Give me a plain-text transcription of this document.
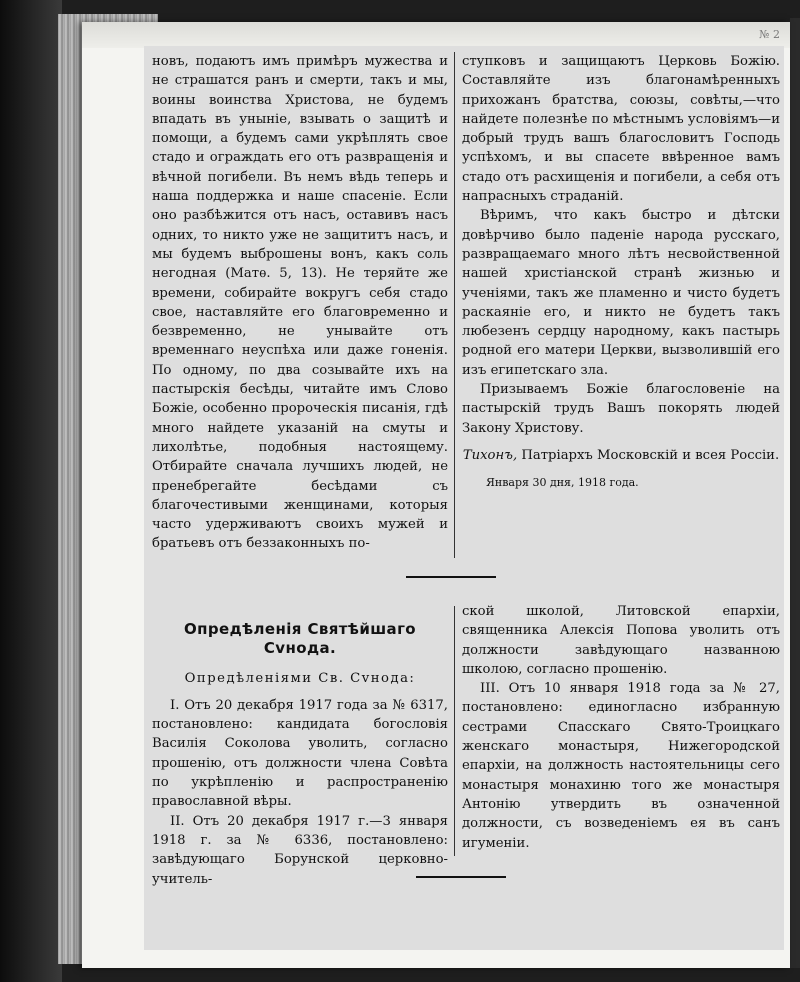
№ 2

новъ, подаютъ имъ примѣръ мужества и не страшатся ранъ и смерти, такъ и мы, воины воинства Христова, не будемъ впадать въ уныніе, взывать о защитѣ и помощи, а будемъ сами укрѣплять свое стадо и ограждать его отъ развращенія и вѣчной погибели. Въ немъ вѣдь теперь и наша поддержка и наше спасеніе. Если оно разбѣжится отъ насъ, оставивъ насъ одних, то никто уже не защититъ насъ, и мы будемъ выброшены вонъ, какъ соль негодная (Матѳ. 5, 13). Не теряйте же времени, собирайте вокругъ себя стадо свое, наставляйте его благовременно и безвременно, не унывайте отъ временнаго неуспѣха или даже гоненія. По одному, по два созывайте ихъ на пастырскія бесѣды, читайте имъ Слово Божіе, особенно пророческія писанія, гдѣ много найдете указаній на смуты и лихолѣтье, подобныя настоящему. Отбирайте сначала лучшихъ людей, не пренебрегайте бесѣдами съ благочестивыми женщинами, которыя часто удерживаютъ своихъ мужей и братьевъ отъ беззаконныхъ по-

ступковъ и защищаютъ Церковь Божію. Составляйте изъ благонамѣренныхъ прихожанъ братства, союзы, совѣты,—что найдете полезнѣе по мѣстнымъ условіямъ—и добрый трудъ вашъ благословитъ Господь успѣхомъ, и вы спасете ввѣренное вамъ стадо отъ расхищенія и погибели, а себя отъ напрасныхъ страданій.

Вѣримъ, что какъ быстро и дѣтски довѣрчиво было паденіе народа русскаго, развращаемаго много лѣтъ несвойственной нашей христіанской странѣ жизнью и ученіями, такъ же пламенно и чисто будетъ раскаяніе его, и никто не будетъ такъ любезенъ сердцу народному, какъ пастырь родной его матери Церкви, вызволившій его изъ египетскаго зла.

Призываемъ Божіе благословеніе на пастырскій трудъ Вашъ покорять людей Закону Христову.

Тихонъ, Патріархъ Московскій и всея Россіи.
Января 30 дня, 1918 года.
Опредѣленія Святѣйшаго Сvнода.
Опредѣленіями Св. Сvнода:

I. Отъ 20 декабря 1917 года за № 6317, постановлено: кандидата богословія Василія Соколова уволить, согласно прошенію, отъ должности члена Совѣта по укрѣпленію и распространенію православной вѣры.

II. Отъ 20 декабря 1917 г.—3 января 1918 г. за № 6336, постановлено: завѣдующаго Борунской церковно-учитель-

ской школой, Литовской епархіи, священника Алексія Попова уволить отъ должности завѣдующаго названною школою, согласно прошенію.

III. Отъ 10 января 1918 года за № 27, постановлено: единогласно избранную сестрами Спасскаго Свято-Троицкаго женскаго монастыря, Нижегородской епархіи, на должность настоятельницы сего монастыря монахиню того же монастыря Антонію утвердить въ означенной должности, съ возведеніемъ ея въ санъ игуменіи.
